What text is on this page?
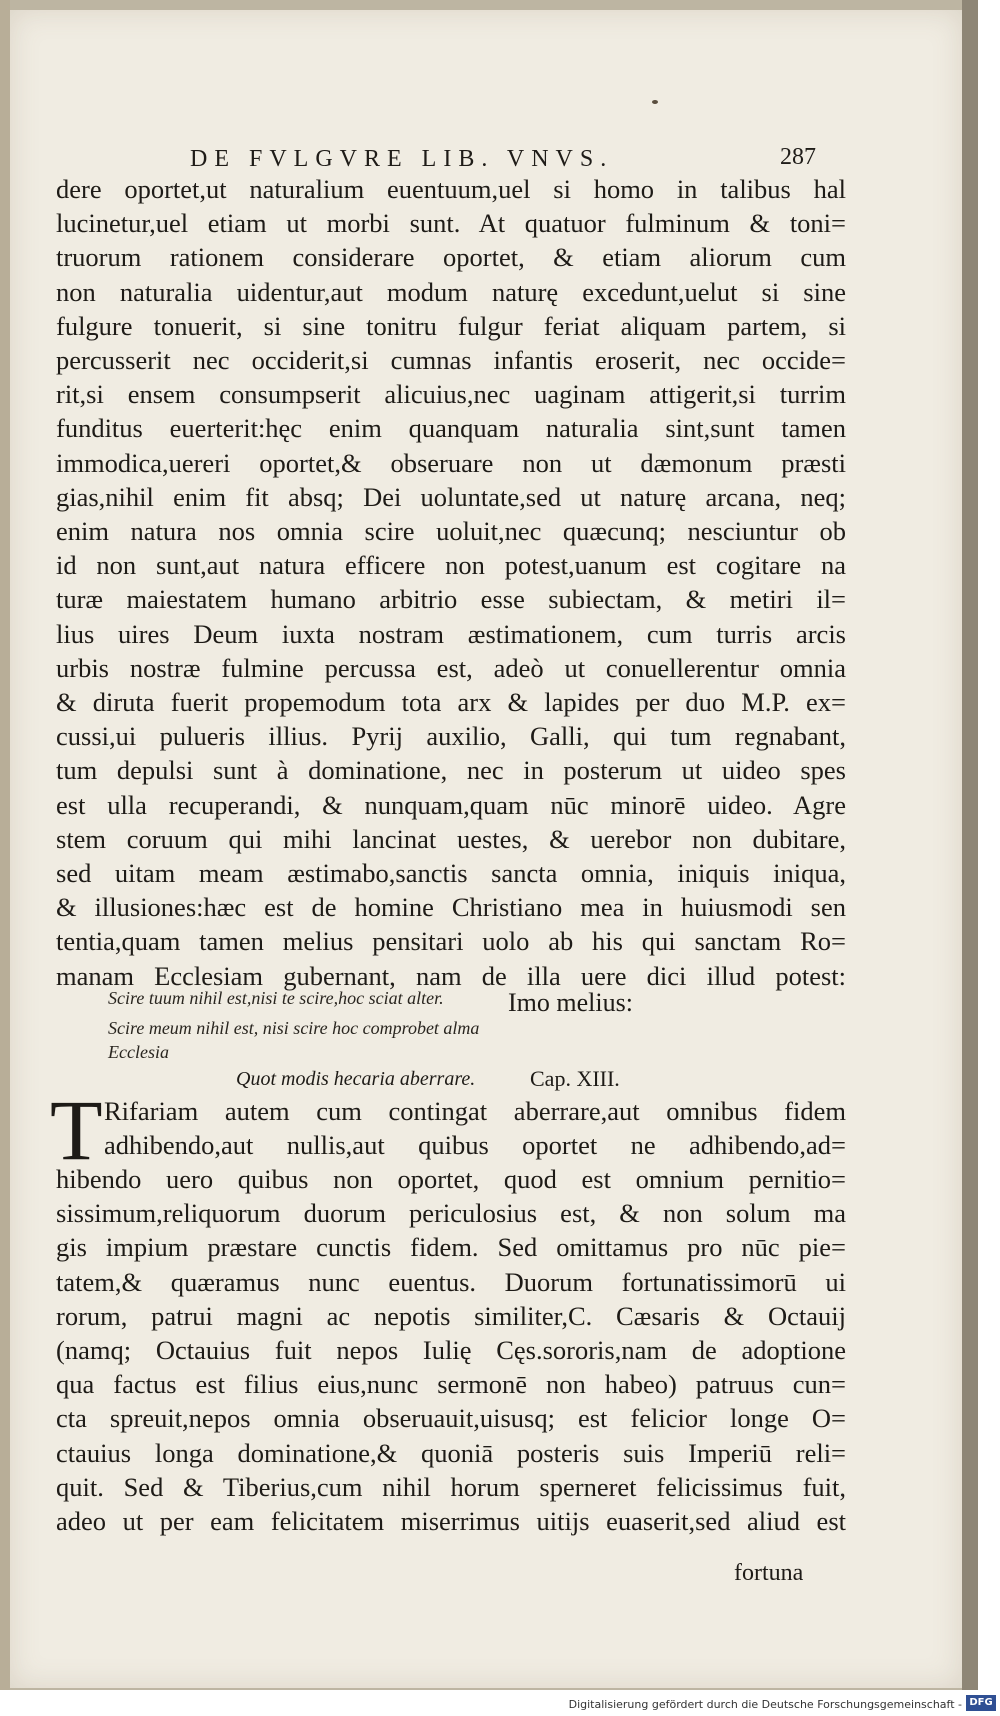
DE FVLGVRE LIB. VNVS.	287
dere oportet,ut naturalium euentuum,uel si homo in talibus hal
lucinetur,uel etiam ut morbi sunt. At quatuor fulminum & toni=
truorum rationem considerare oportet, & etiam aliorum cum
non naturalia uidentur,aut modum naturę excedunt,uelut si sine
fulgure tonuerit, si sine tonitru fulgur feriat aliquam partem, si
percusserit nec occiderit,si cumnas infantis eroserit, nec occide=
rit,si ensem consumpserit alicuius,nec uaginam attigerit,si turrim
funditus euerterit:hęc enim quanquam naturalia sint,sunt tamen
immodica,uereri oportet,& obseruare non ut dæmonum præsti
gias,nihil enim fit absq; Dei uoluntate,sed ut naturę arcana, neq;
enim natura nos omnia scire uoluit,nec quæcunq; nesciuntur ob
id non sunt,aut natura efficere non potest,uanum est cogitare na
turæ maiestatem humano arbitrio esse subiectam, & metiri il=
lius uires Deum iuxta nostram æstimationem, cum turris arcis
urbis nostræ fulmine percussa est, adeò ut conuellerentur omnia
& diruta fuerit propemodum tota arx & lapides per duo M.P. ex=
cussi,ui pulueris illius. Pyrij auxilio, Galli, qui tum regnabant,
tum depulsi sunt à dominatione, nec in posterum ut uideo spes
est ulla recuperandi, & nunquam,quam nūc minorē uideo. Agre
stem coruum qui mihi lancinat uestes, & uerebor non dubitare,
sed uitam meam æstimabo,sanctis sancta omnia, iniquis iniqua,
& illusiones:hæc est de homine Christiano mea in huiusmodi sen
tentia,quam tamen melius pensitari uolo ab his qui sanctam Ro=
manam Ecclesiam gubernant, nam de illa uere dici illud potest:
Scire tuum nihil est,nisi te scire,hoc sciat alter. Imo melius:
Scire meum nihil est, nisi scire hoc comprobet alma
Ecclesia
Quot modis hecaria aberrare. Cap. XIII.
T Rifariam autem cum contingat aberrare,aut omnibus fidem
adhibendo,aut nullis,aut quibus oportet ne adhibendo,ad=
hibendo uero quibus non oportet, quod est omnium pernitio=
sissimum,reliquorum duorum periculosius est, & non solum ma
gis impium præstare cunctis fidem. Sed omittamus pro nūc pie=
tatem,& quæramus nunc euentus. Duorum fortunatissimorū ui
rorum, patrui magni ac nepotis similiter,C. Cæsaris & Octauij
(namq; Octauius fuit nepos Iulię Cęs.sororis,nam de adoptione
qua factus est filius eius,nunc sermonē non habeo) patruus cun=
cta spreuit,nepos omnia obseruauit,uisusq; est felicior longe O=
ctauius longa dominatione,& quoniā posteris suis Imperiū reli=
quit. Sed & Tiberius,cum nihil horum sperneret felicissimus fuit,
adeo ut per eam felicitatem miserrimus uitijs euaserit,sed aliud est
fortuna
Digitalisierung gefördert durch die Deutsche Forschungsgemeinschaft - DFG
